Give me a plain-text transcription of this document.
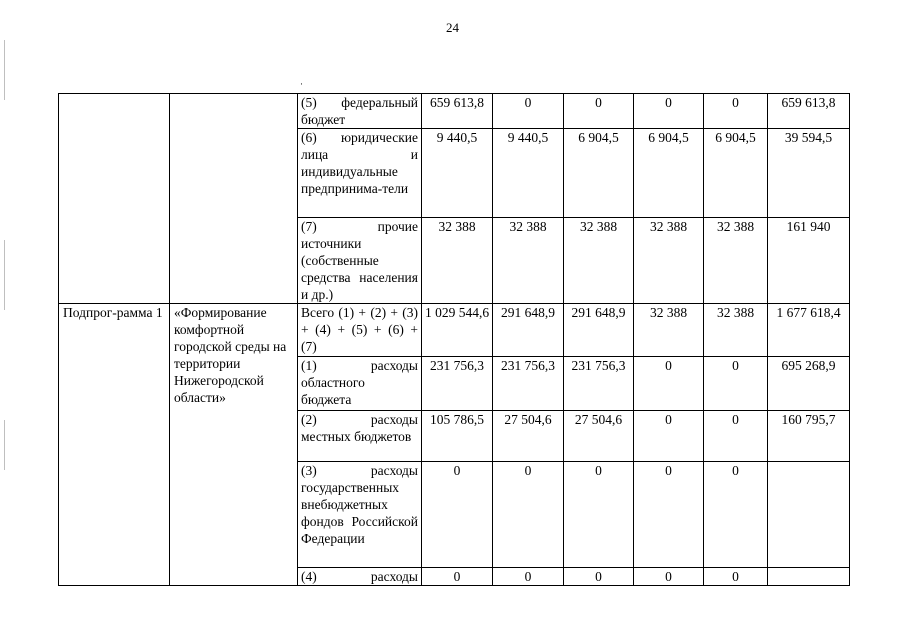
24
·
		(5) федеральный бюджет	659 613,8	0	0	0	0	659 613,8
		(6) юридические лица и индивидуальные предпринима-тели	9 440,5	9 440,5	6 904,5	6 904,5	6 904,5	39 594,5
		(7) прочие источники (собственные средства населения и др.)	32 388	32 388	32 388	32 388	32 388	161 940
Подпрог-рамма 1	«Формирование комфортной городской среды на территории Нижегородской области»	Всего (1) + (2) + (3) + (4) + (5) + (6) + (7)	1 029 544,6	291 648,9	291 648,9	32 388	32 388	1 677 618,4
		(1) расходы областного бюджета	231 756,3	231 756,3	231 756,3	0	0	695 268,9
		(2) расходы местных бюджетов	105 786,5	27 504,6	27 504,6	0	0	160 795,7
		(3) расходы государственных внебюджетных фондов Российской Федерации	0	0	0	0	0	
		(4) расходы	0	0	0	0	0	
